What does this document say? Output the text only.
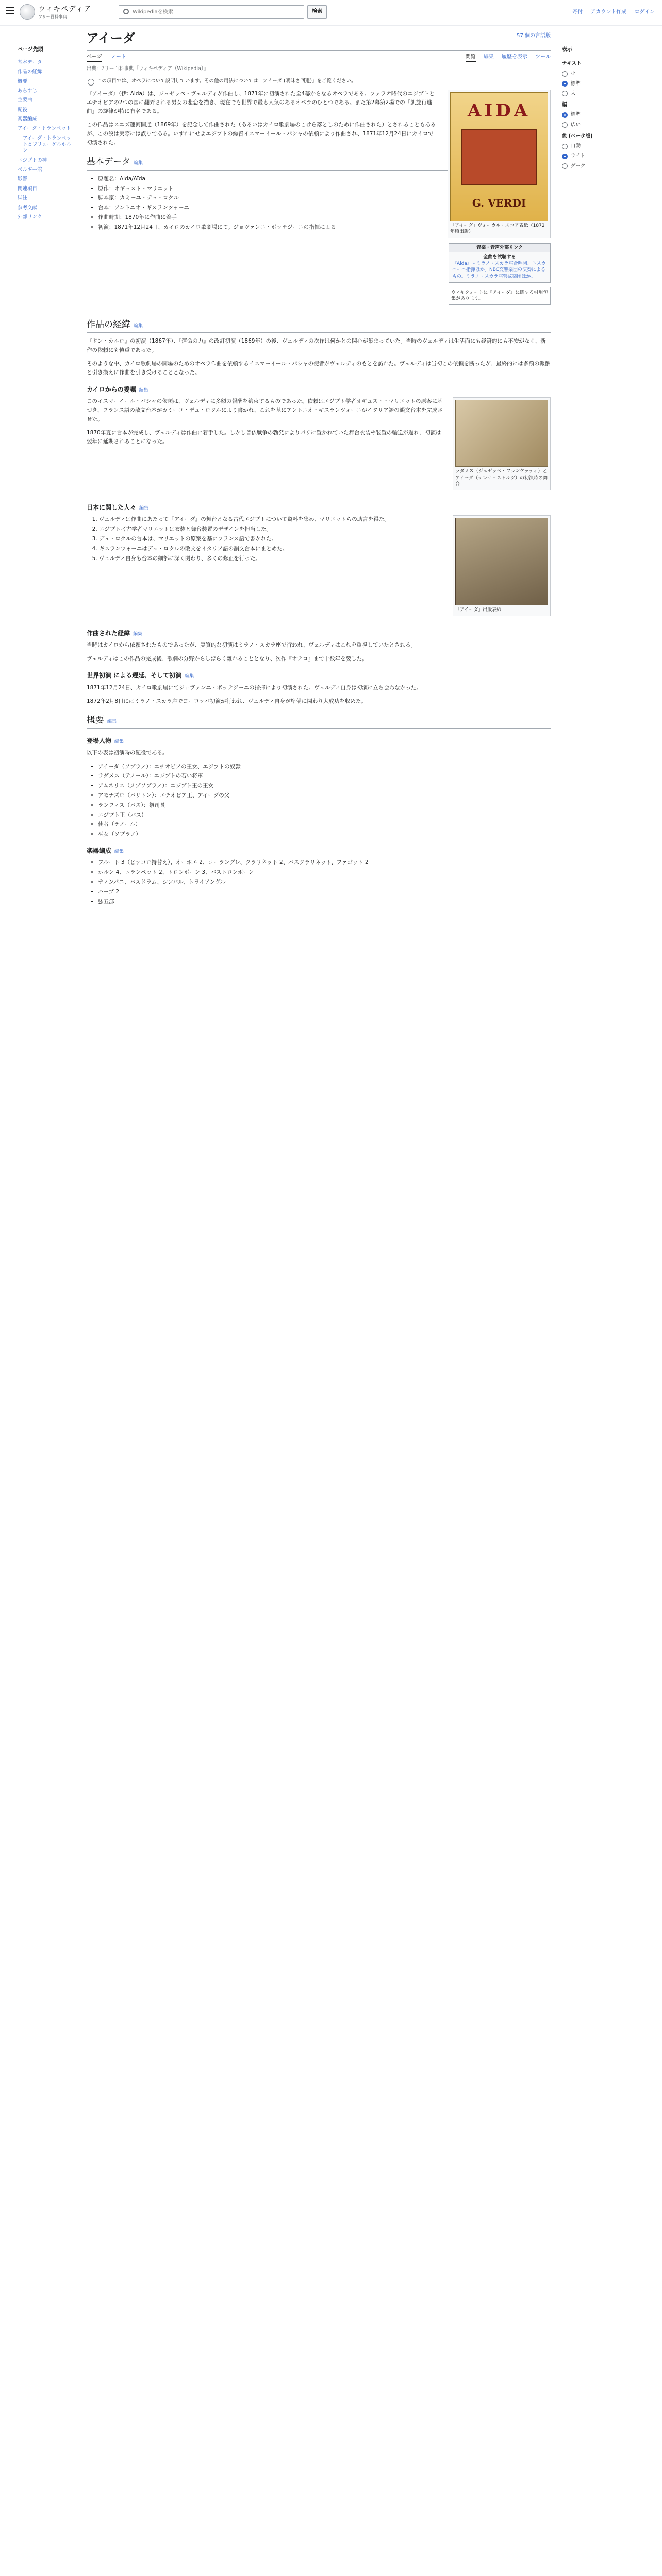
ウィキペディア
フリー百科事典
Wikipediaを検索
検索	寄付 アカウント作成 ログイン
ページ先頭
基本データ
作品の経緯
概要
あらすじ
主要曲
配役
楽器編成
アイーダ・トランペット
アイーダ・トランペットとフリューゲルホルン
エジプトの神
ベルギー館
影響
関連項目
脚注
参考文献
外部リンク
表示
テキスト
小
標準
大
幅
標準
広い
色 (ベータ版)
自動
ライト
ダーク
アイーダ	57 個の言語版
ページ ノート	閲覧 編集 履歴を表示 ツール
出典: フリー百科事典『ウィキペディア（Wikipedia）』
この項目では、オペラについて説明しています。その他の用法については「アイーダ (曖昧さ回避)」をご覧ください。
AIDA
G. VERDI
「アイーダ」ヴォーカル・スコア表紙（1872年頃出版）
音楽・音声外部リンク
全曲を試聴する
『Aida』 - ミラノ・スカラ座合唱団、トスカニーニ指揮ほか。NBC交響楽団の演奏によるもの。ミラノ・スカラ座管弦楽団ほか。
ウィキクォートに『アイーダ』に関する引用句集があります。

『アイーダ』（伊: Aida）は、ジュゼッペ・ヴェルディが作曲し、1871年に初演された全4幕からなるオペラである。ファラオ時代のエジプトとエチオピアの2つの国に翻弄される男女の悲恋を描き、現在でも世界で最も人気のあるオペラのひとつである。また第2幕第2場での「凱旋行進曲」の旋律が特に有名である。

この作品はスエズ運河開通（1869年）を記念して作曲された（あるいはカイロ歌劇場のこけら落としのために作曲された）とされることもあるが、この説は実際には誤りである。いずれにせよエジプトの総督イスマーイール・パシャの依頼により作曲され、1871年12月24日にカイロで初演された。

基本データ 編集
• 原題名：Aida/Aïda
• 原作：オギュスト・マリエット
• 脚本家：カミーユ・デュ・ロクル
• 台本：アントニオ・ギスランツォーニ
• 作曲時期：1870年に作曲に着手
• 初演：1871年12月24日、カイロのカイロ歌劇場にて。ジョヴァンニ・ボッテジーニの指揮による
作品の経緯 編集

『ドン・カルロ』の初演（1867年）、『運命の力』の改訂初演（1869年）の後、ヴェルディの次作は何かとの関心が集まっていた。当時のヴェルディは生活面にも経済的にも不安がなく、新作の依頼にも慎重であった。

そのような中、カイロ歌劇場の開場のためのオペラ作曲を依頼するイスマーイール・パシャの使者がヴェルディのもとを訪れた。ヴェルディは当初この依頼を断ったが、最終的には多額の報酬と引き換えに作曲を引き受けることとなった。

カイロからの委嘱 編集
ラダメス（ジュゼッペ・フランケッティ）とアイーダ（テレサ・ストルツ）の初演時の舞台

このイスマーイール・パシャの依頼は、ヴェルディに多額の報酬を約束するものであった。依頼はエジプト学者オギュスト・マリエットの原案に基づき、フランス語の散文台本がカミーユ・デュ・ロクルにより書かれ、これを基にアントニオ・ギスランツォーニがイタリア語の韻文台本を完成させた。

1870年夏に台本が完成し、ヴェルディは作曲に着手した。しかし普仏戦争の勃発によりパリに置かれていた舞台衣装や装置の輸送が遅れ、初演は翌年に延期されることになった。

日本に関した人々 編集
「アイーダ」出版表紙
1. ヴェルディは作曲にあたって『アイーダ』の舞台となる古代エジプトについて資料を集め、マリエットらの助言を得た。
2. エジプト考古学者マリエットは衣装と舞台装置のデザインを担当した。
3. デュ・ロクルの台本は、マリエットの原案を基にフランス語で書かれた。
4. ギスランツォーニはデュ・ロクルの散文をイタリア語の韻文台本にまとめた。
5. ヴェルディ自身も台本の細部に深く関わり、多くの修正を行った。
作曲された経緯 編集

当時はカイロから依頼されたものであったが、実質的な初演はミラノ・スカラ座で行われ、ヴェルディはこれを重視していたとされる。

ヴェルディはこの作品の完成後、歌劇の分野からしばらく離れることとなり、次作『オテロ』まで十数年を要した。

世界初演 による遅延、そして初演 編集

1871年12月24日、カイロ歌劇場にてジョヴァンニ・ボッテジーニの指揮により初演された。ヴェルディ自身は初演に立ち会わなかった。

1872年2月8日にはミラノ・スカラ座でヨーロッパ初演が行われ、ヴェルディ自身が準備に関わり大成功を収めた。

概要 編集
登場人物 編集

以下の表は初演時の配役である。

• アイーダ（ソプラノ）：エチオピアの王女、エジプトの奴隷
• ラダメス（テノール）：エジプトの若い将軍
• アムネリス（メゾソプラノ）：エジプト王の王女
• アモナズロ（バリトン）：エチオピア王、アイーダの父
• ランフィス（バス）：祭司長
• エジプト王（バス）
• 使者（テノール）
• 巫女（ソプラノ）
楽器編成 編集
• フルート 3（ピッコロ持替え）、オーボエ 2、コーラングレ、クラリネット 2、バスクラリネット、ファゴット 2
• ホルン 4、トランペット 2、トロンボーン 3、バストロンボーン
• ティンパニ、バスドラム、シンバル、トライアングル
• ハープ 2
• 弦五部
